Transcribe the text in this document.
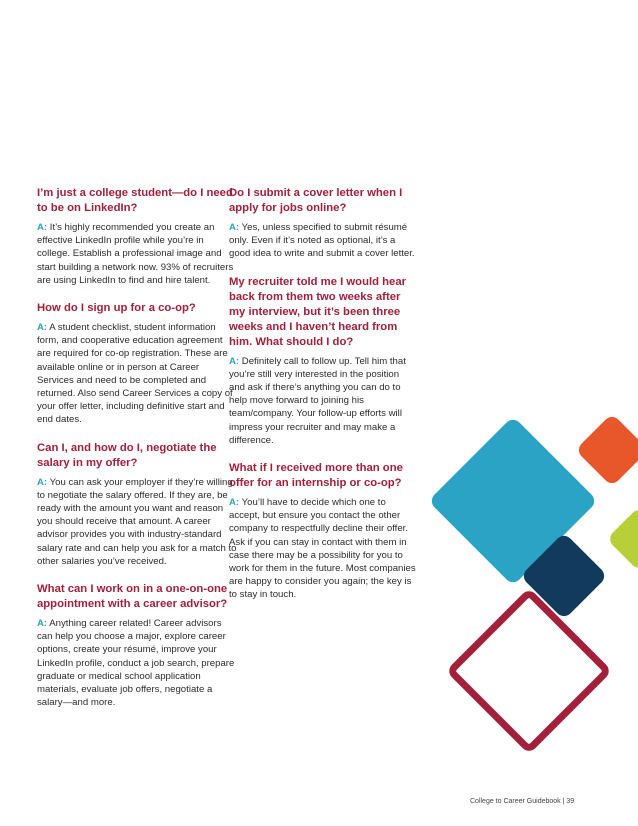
I’m just a college student—do I need to be on LinkedIn?
A: It’s highly recommended you create an effective LinkedIn profile while you’re in college. Establish a professional image and start building a network now. 93% of recruiters are using LinkedIn to find and hire talent.
How do I sign up for a co-op?
A: A student checklist, student information form, and cooperative education agreement are required for co-op registration. These are available online or in person at Career Services and need to be completed and returned. Also send Career Services a copy of your offer letter, including definitive start and end dates.
Can I, and how do I, negotiate the salary in my offer?
A: You can ask your employer if they’re willing to negotiate the salary offered. If they are, be ready with the amount you want and reason you should receive that amount. A career advisor provides you with industry-standard salary rate and can help you ask for a match to other salaries you’ve received.
What can I work on in a one-on-one appointment with a career advisor?
A: Anything career related! Career advisors can help you choose a major, explore career options, create your résumé, improve your LinkedIn profile, conduct a job search, prepare graduate or medical school application materials, evaluate job offers, negotiate a salary—and more.
Do I submit a cover letter when I apply for jobs online?
A: Yes, unless specified to submit résumé only. Even if it’s noted as optional, it’s a good idea to write and submit a cover letter.
My recruiter told me I would hear back from them two weeks after my interview, but it’s been three weeks and I haven’t heard from him. What should I do?
A: Definitely call to follow up. Tell him that you’re still very interested in the position and ask if there’s anything you can do to help move forward to joining his team/company. Your follow-up efforts will impress your recruiter and may make a difference.
What if I received more than one offer for an internship or co-op?
A: You’ll have to decide which one to accept, but ensure you contact the other company to respectfully decline their offer. Ask if you can stay in contact with them in case there may be a possibility for you to work for them in the future. Most companies are happy to consider you again; the key is to stay in touch.
College to Career Guidebook | 39
